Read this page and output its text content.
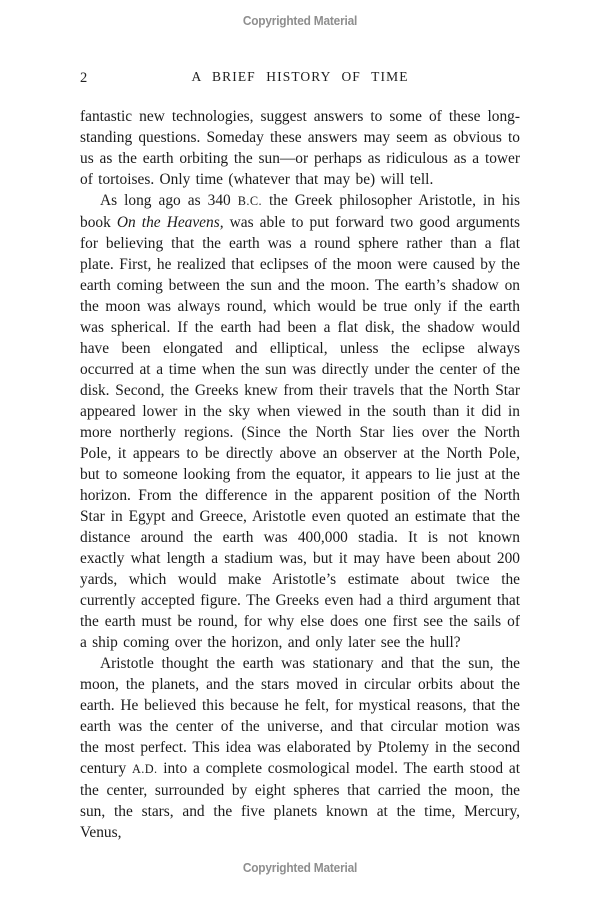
Copyrighted Material
2	A BRIEF HISTORY OF TIME

fantastic new technologies, suggest answers to some of these long-standing questions. Someday these answers may seem as obvious to us as the earth orbiting the sun—or perhaps as ridiculous as a tower of tortoises. Only time (whatever that may be) will tell.

As long ago as 340 B.C. the Greek philosopher Aristotle, in his book On the Heavens, was able to put forward two good arguments for believing that the earth was a round sphere rather than a flat plate. First, he realized that eclipses of the moon were caused by the earth coming between the sun and the moon. The earth’s shadow on the moon was always round, which would be true only if the earth was spherical. If the earth had been a flat disk, the shadow would have been elongated and elliptical, unless the eclipse always occurred at a time when the sun was directly under the center of the disk. Second, the Greeks knew from their travels that the North Star appeared lower in the sky when viewed in the south than it did in more northerly regions. (Since the North Star lies over the North Pole, it appears to be directly above an observer at the North Pole, but to someone looking from the equator, it appears to lie just at the horizon. From the difference in the apparent position of the North Star in Egypt and Greece, Aristotle even quoted an estimate that the distance around the earth was 400,000 stadia. It is not known exactly what length a stadium was, but it may have been about 200 yards, which would make Aristotle’s estimate about twice the currently accepted figure. The Greeks even had a third argument that the earth must be round, for why else does one first see the sails of a ship coming over the horizon, and only later see the hull?

Aristotle thought the earth was stationary and that the sun, the moon, the planets, and the stars moved in circular orbits about the earth. He believed this because he felt, for mystical reasons, that the earth was the center of the universe, and that circular motion was the most perfect. This idea was elaborated by Ptolemy in the second century A.D. into a complete cosmological model. The earth stood at the center, surrounded by eight spheres that carried the moon, the sun, the stars, and the five planets known at the time, Mercury, Venus,

Copyrighted Material
